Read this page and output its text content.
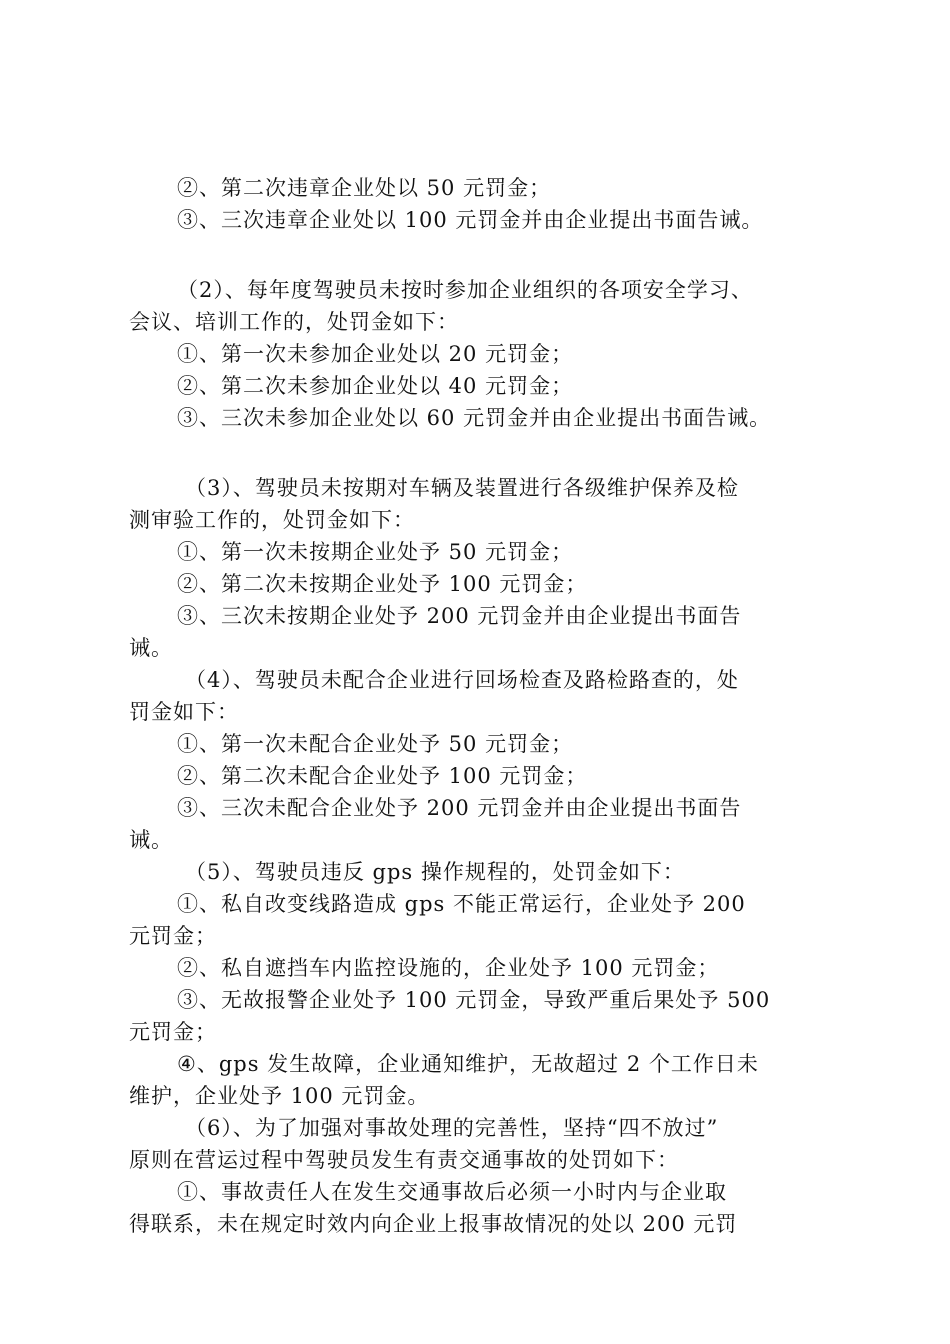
②、第二次违章企业处以 50 元罚金；

③、三次违章企业处以 100 元罚金并由企业提出书面告诫。

（2）、每年度驾驶员未按时参加企业组织的各项安全学习、

会议、培训工作的，处罚金如下：

①、第一次未参加企业处以 20 元罚金；

②、第二次未参加企业处以 40 元罚金；

③、三次未参加企业处以 60 元罚金并由企业提出书面告诫。

（3）、驾驶员未按期对车辆及装置进行各级维护保养及检

测审验工作的，处罚金如下：

①、第一次未按期企业处予 50 元罚金；

②、第二次未按期企业处予 100 元罚金；

③、三次未按期企业处予 200 元罚金并由企业提出书面告

诫。

（4）、驾驶员未配合企业进行回场检查及路检路查的，处

罚金如下：

①、第一次未配合企业处予 50 元罚金；

②、第二次未配合企业处予 100 元罚金；

③、三次未配合企业处予 200 元罚金并由企业提出书面告

诫。

（5）、驾驶员违反 gps 操作规程的，处罚金如下：

①、私自改变线路造成 gps 不能正常运行，企业处予 200

元罚金；

②、私自遮挡车内监控设施的，企业处予 100 元罚金；

③、无故报警企业处予 100 元罚金，导致严重后果处予 500

元罚金；

④、gps 发生故障，企业通知维护，无故超过 2 个工作日未

维护，企业处予 100 元罚金。

（6）、为了加强对事故处理的完善性，坚持“四不放过”

原则在营运过程中驾驶员发生有责交通事故的处罚如下：

①、事故责任人在发生交通事故后必须一小时内与企业取

得联系，未在规定时效内向企业上报事故情况的处以 200 元罚
